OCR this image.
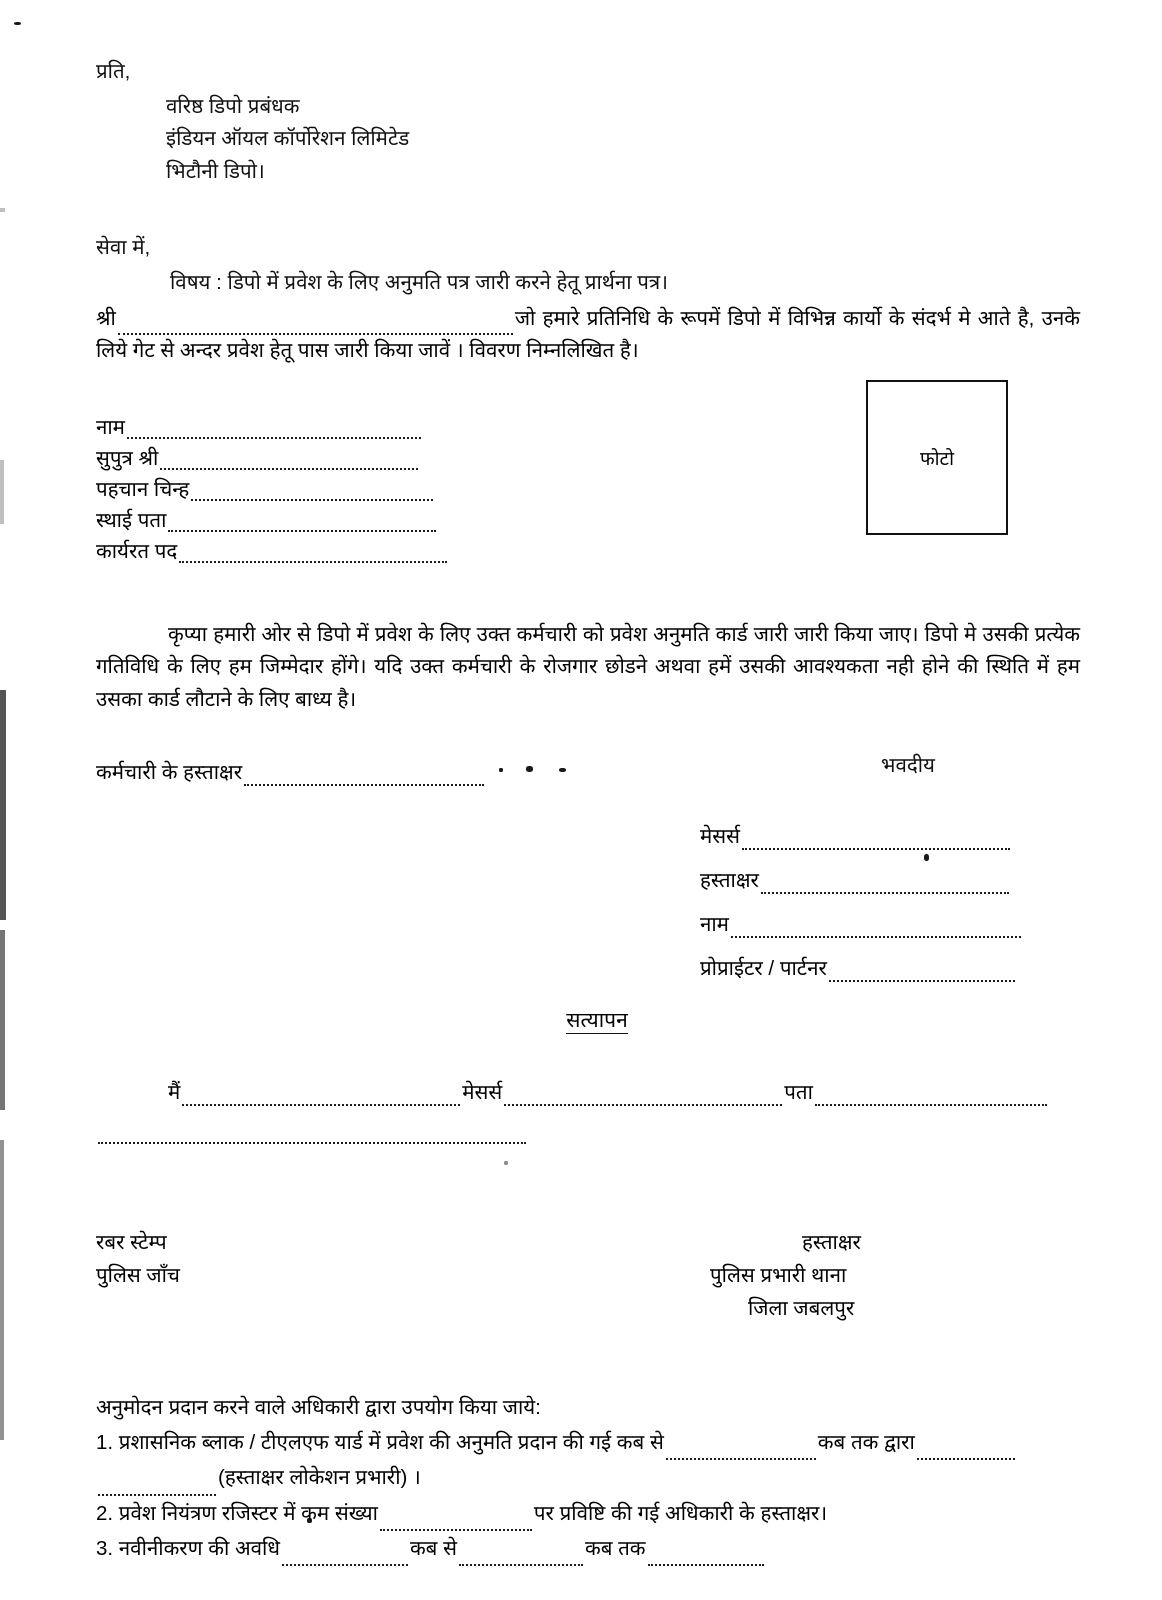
फोटो
प्रति,
वरिष्ठ डिपो प्रबंधक
इंडियन ऑयल कॉर्पोरेशन लिमिटेड
भिटौनी डिपो।
सेवा में,
विषय : डिपो में प्रवेश के लिए अनुमति पत्र जारी करने हेतू प्रार्थना पत्र।
श्री	जो हमारे प्रतिनिधि के रूपमें डिपो में विभिन्न कार्यो के संदर्भ मे आते है, उनके लिये गेट से अन्दर प्रवेश हेतू पास जारी किया जावें । विवरण निम्नलिखित है।
नाम
सुपुत्र श्री
पहचान चिन्ह
स्थाई पता
कार्यरत पद
कृप्या हमारी ओर से डिपो में प्रवेश के लिए उक्त कर्मचारी को प्रवेश अनुमति कार्ड जारी जारी किया जाए। डिपो मे उसकी प्रत्येक गतिविधि के लिए हम जिम्मेदार होंगे। यदि उक्त कर्मचारी के रोजगार छोडने अथवा हमें उसकी आवश्यकता नही होने की स्थिति में हम उसका कार्ड लौटाने के लिए बाध्य है।
कर्मचारी के हस्ताक्षर	भवदीय
मेसर्स
हस्ताक्षर
नाम
प्रोप्राईटर / पार्टनर
सत्यापन
मैं	मेसर्स	पता
रबर स्टेम्प
पुलिस जाँच
हस्ताक्षर
पुलिस प्रभारी थाना
जिला जबलपुर
अनुमोदन प्रदान करने वाले अधिकारी द्वारा उपयोग किया जाये:
1. प्रशासनिक ब्लाक / टीएलएफ यार्ड में प्रवेश की अनुमति प्रदान की गई कब से	कब तक द्वारा(हस्ताक्षर लोकेशन प्रभारी) ।
2. प्रवेश नियंत्रण रजिस्टर में कम संख्या	पर प्रविष्टि की गई अधिकारी के हस्ताक्षर।
3. नवीनीकरण की अवधि	कब से	कब तक
